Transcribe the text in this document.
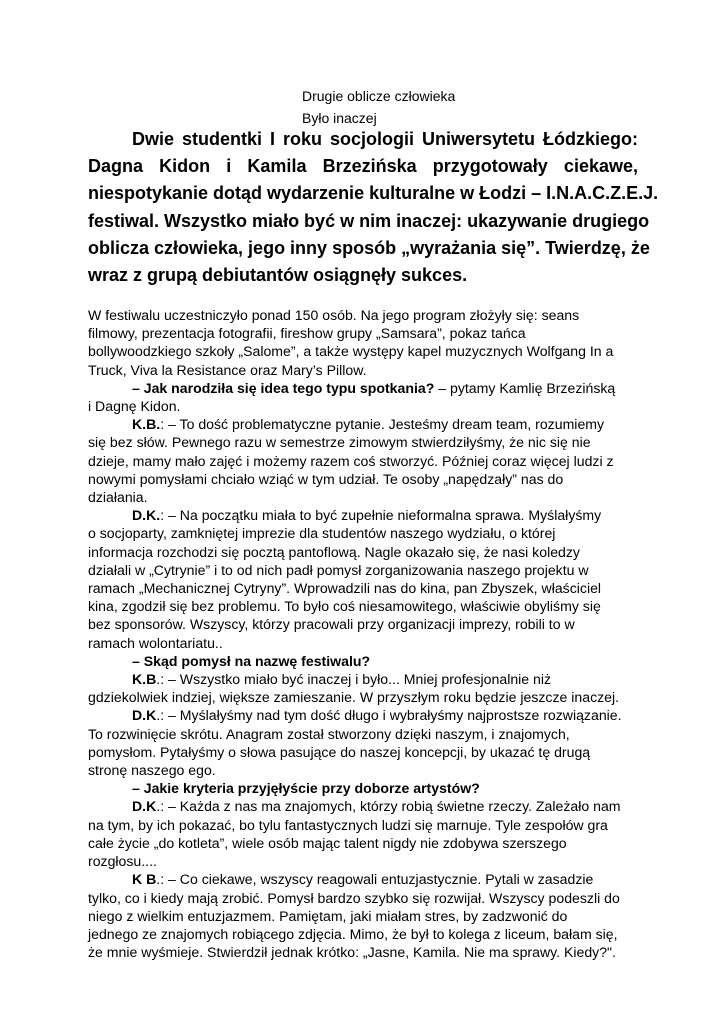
Drugie oblicze człowieka
Było inaczej
Dwie studentki I roku socjologii Uniwersytetu Łódzkiego:
Dagna Kidon i Kamila Brzezińska przygotowały ciekawe,
niespotykanie dotąd wydarzenie kulturalne w Łodzi – I.N.A.C.Z.E.J.
festiwal. Wszystko miało być w nim inaczej: ukazywanie drugiego
oblicza człowieka, jego inny sposób „wyrażania się”. Twierdzę, że
wraz z grupą debiutantów osiągnęły sukces.
W festiwalu uczestniczyło ponad 150 osób. Na jego program złożyły się: seans
filmowy, prezentacja fotografii, fireshow grupy „Samsara”, pokaz tańca
bollywoodzkiego szkoły „Salome”, a także występy kapel muzycznych Wolfgang In a
Truck, Viva la Resistance oraz Mary’s Pillow.
– Jak narodziła się idea tego typu spotkania? – pytamy Kamlię Brzezińską
i Dagnę Kidon.
K.B.: – To dość problematyczne pytanie. Jesteśmy dream team, rozumiemy
się bez słów. Pewnego razu w semestrze zimowym stwierdziłyśmy, że nic się nie
dzieje, mamy mało zajęć i możemy razem coś stworzyć. Później coraz więcej ludzi z
nowymi pomysłami chciało wziąć w tym udział. Te osoby „napędzały” nas do
działania.
D.K.: – Na początku miała to być zupełnie nieformalna sprawa. Myślałyśmy
o socjoparty, zamkniętej imprezie dla studentów naszego wydziału, o której
informacja rozchodzi się pocztą pantoflową. Nagle okazało się, że nasi koledzy
działali w „Cytrynie” i to od nich padł pomysł zorganizowania naszego projektu w
ramach „Mechanicznej Cytryny”. Wprowadzili nas do kina, pan Zbyszek, właściciel
kina, zgodził się bez problemu. To było coś niesamowitego, właściwie obyliśmy się
bez sponsorów. Wszyscy, którzy pracowali przy organizacji imprezy, robili to w
ramach wolontariatu..
– Skąd pomysł na nazwę festiwalu?
K.B.: – Wszystko miało być inaczej i było... Mniej profesjonalnie niż
gdziekolwiek indziej, większe zamieszanie. W przyszłym roku będzie jeszcze inaczej.
D.K.: – Myślałyśmy nad tym dość długo i wybrałyśmy najprostsze rozwiązanie.
To rozwinięcie skrótu. Anagram został stworzony dzięki naszym, i znajomych,
pomysłom. Pytałyśmy o słowa pasujące do naszej koncepcji, by ukazać tę drugą
stronę naszego ego.
– Jakie kryteria przyjęłyście przy doborze artystów?
D.K.: – Każda z nas ma znajomych, którzy robią świetne rzeczy. Zależało nam
na tym, by ich pokazać, bo tylu fantastycznych ludzi się marnuje. Tyle zespołów gra
całe życie „do kotleta”, wiele osób mając talent nigdy nie zdobywa szerszego
rozgłosu....
K B.: – Co ciekawe, wszyscy reagowali entuzjastycznie. Pytali w zasadzie
tylko, co i kiedy mają zrobić. Pomysł bardzo szybko się rozwijał. Wszyscy podeszli do
niego z wielkim entuzjazmem. Pamiętam, jaki miałam stres, by zadzwonić do
jednego ze znajomych robiącego zdjęcia. Mimo, że był to kolega z liceum, bałam się,
że mnie wyśmieje. Stwierdził jednak krótko: „Jasne, Kamila. Nie ma sprawy. Kiedy?".
